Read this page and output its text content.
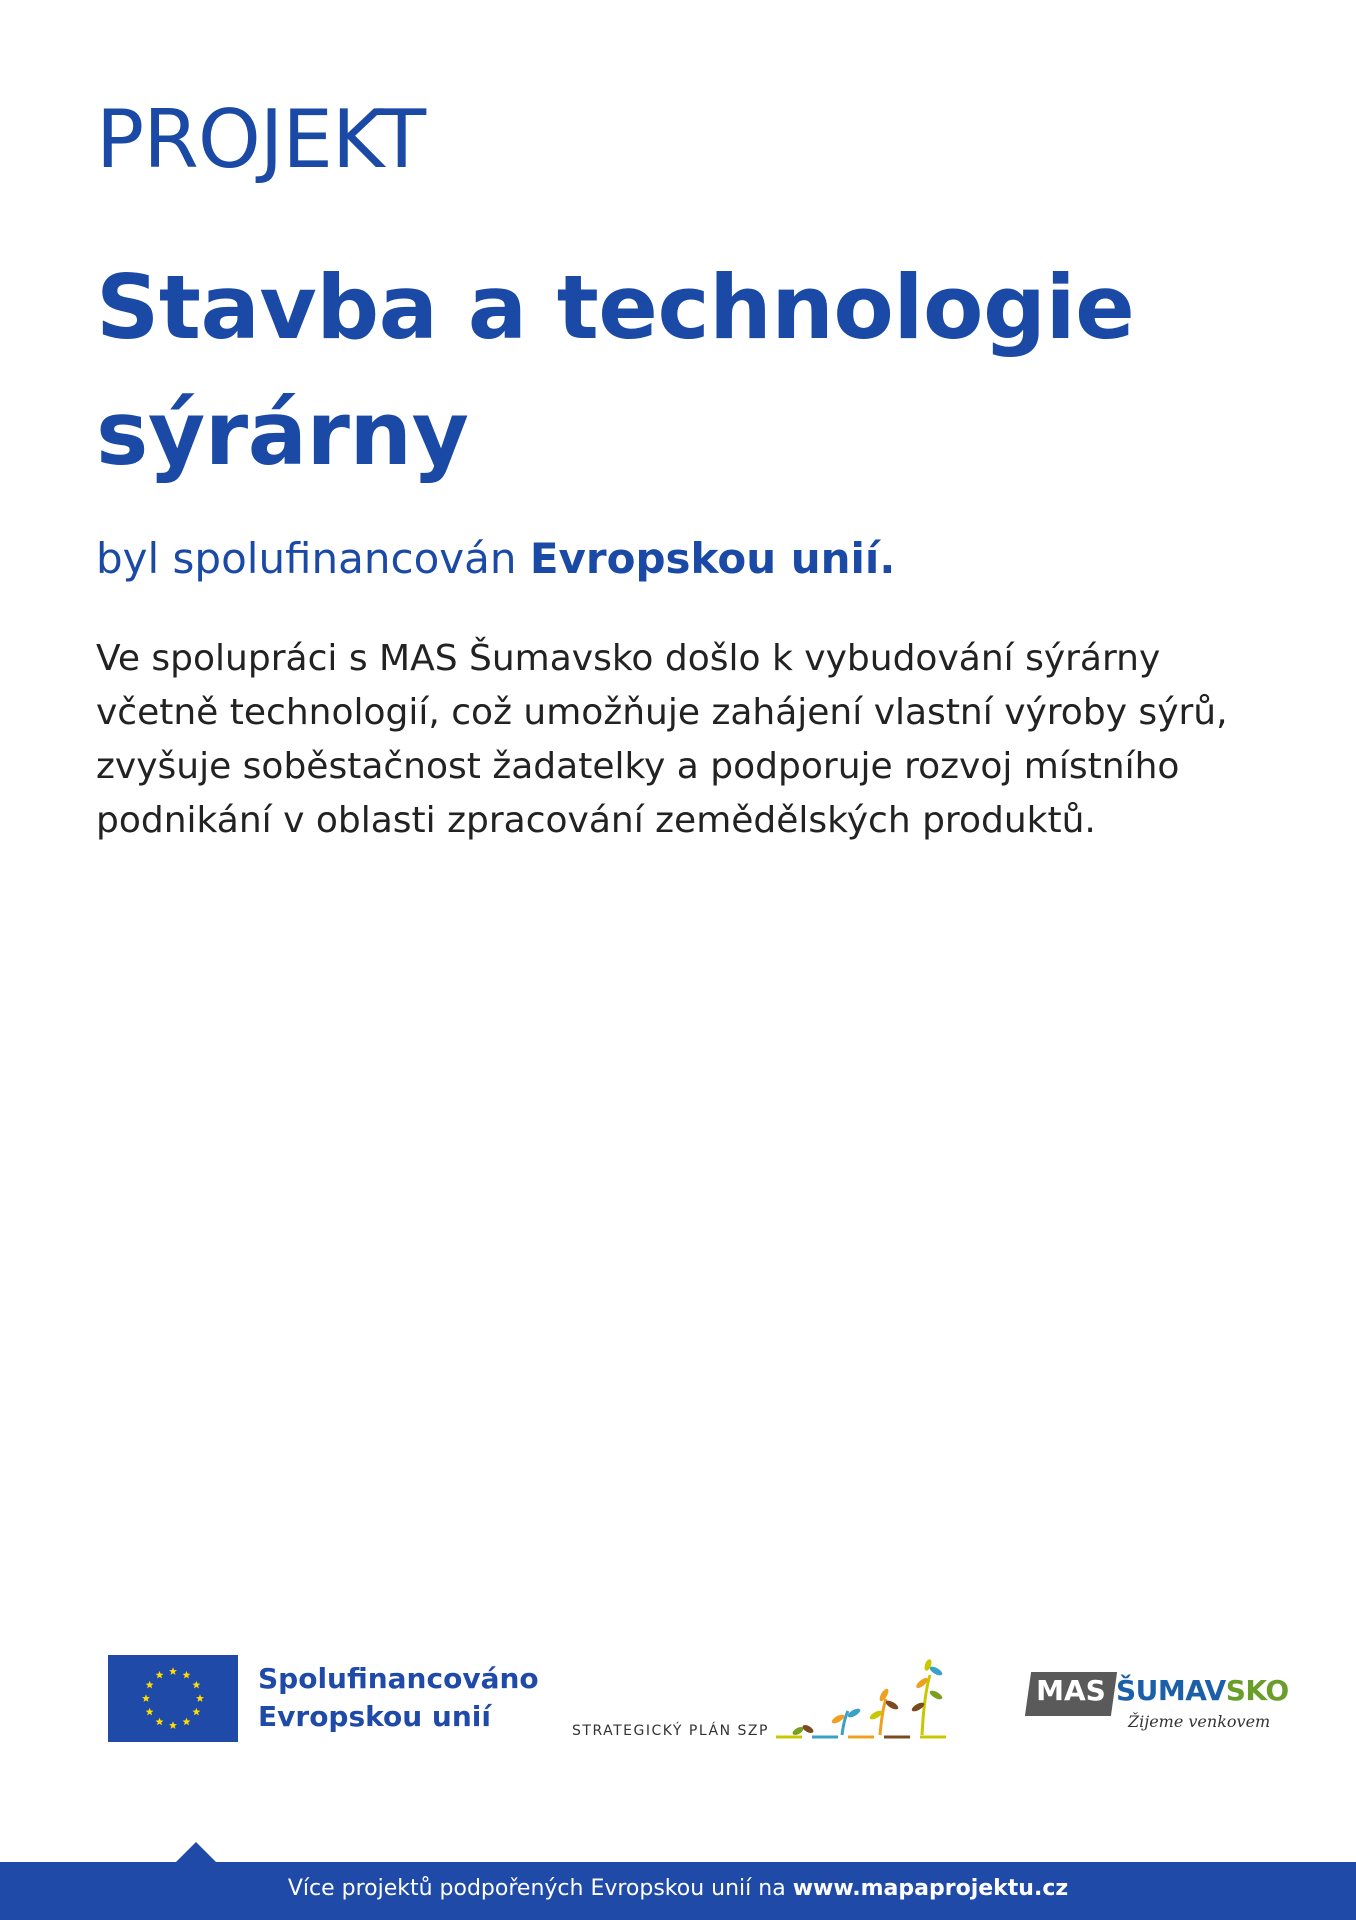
PROJEKT
Stavba a technologie sýrárny

byl spolufinancován Evropskou unií.

Ve spolupráci s MAS Šumavsko došlo k vybudování sýrárny včetně technologií, což umožňuje zahájení vlastní výroby sýrů, zvyšuje soběstačnost žadatelky a podporuje rozvoj místního podnikání v oblasti zpracování zemědělských produktů.

Spolufinancováno
Evropskou unií	STRATEGICKÝ PLÁN SZP
MAS ŠUMAVSKO
Žijeme venkovem
Více projektů podpořených Evropskou unií na www.mapaprojektu.cz
